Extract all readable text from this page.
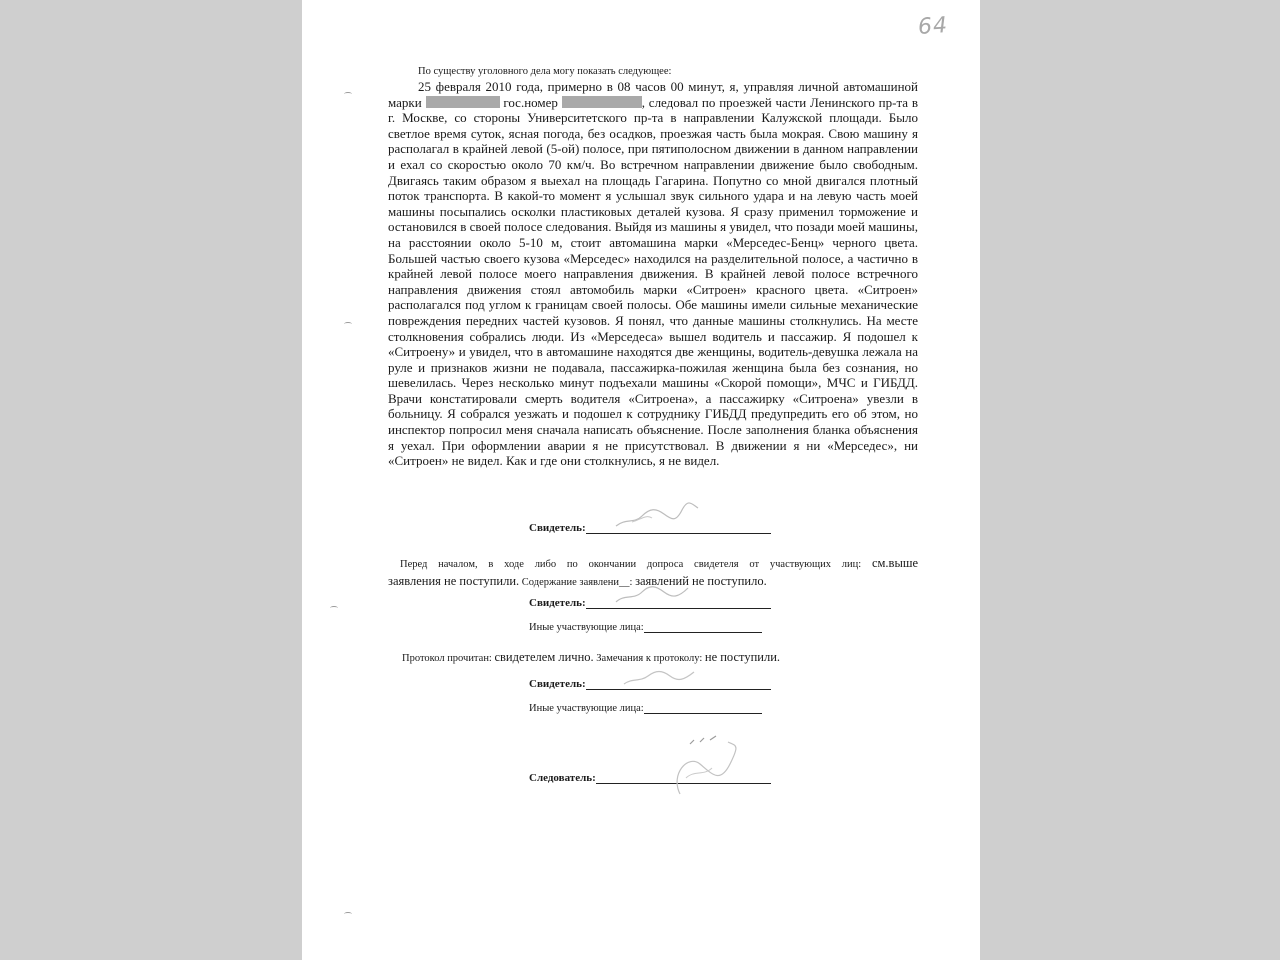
64
По существу уголовного дела могу показать следующее:

25 февраля 2010 года, примерно в 08 часов 00 минут, я, управляя личной автомашиной марки	гос.номер	, следовал по проезжей части Ленинского пр-та в г. Москве, со стороны Университетского пр-та в направлении Калужской площади. Было светлое время суток, ясная погода, без осадков, проезжая часть была мокрая. Свою машину я располагал в крайней левой (5-ой) полосе, при пятиполосном движении в данном направлении и ехал со скоростью около 70 км/ч. Во встречном направлении движение было свободным. Двигаясь таким образом я выехал на площадь Гагарина. Попутно со мной двигался плотный поток транспорта. В какой-то момент я услышал звук сильного удара и на левую часть моей машины посыпались осколки пластиковых деталей кузова. Я сразу применил торможение и остановился в своей полосе следования. Выйдя из машины я увидел, что позади моей машины, на расстоянии около 5-10 м, стоит автомашина марки «Мерседес-Бенц» черного цвета. Большей частью своего кузова «Мерседес» находился на разделительной полосе, а частично в крайней левой полосе моего направления движения. В крайней левой полосе встречного направления движения стоял автомобиль марки «Ситроен» красного цвета. «Ситроен» располагался под углом к границам своей полосы. Обе машины имели сильные механические повреждения передних частей кузовов. Я понял, что данные машины столкнулись. На месте столкновения собрались люди. Из «Мерседеса» вышел водитель и пассажир. Я подошел к «Ситроену» и увидел, что в автомашине находятся две женщины, водитель-девушка лежала на руле и признаков жизни не подавала, пассажирка-пожилая женщина была без сознания, но шевелилась. Через несколько минут подъехали машины «Скорой помощи», МЧС и ГИБДД. Врачи констатировали смерть водителя «Ситроена», а пассажирку «Ситроена» увезли в больницу. Я собрался уезжать и подошел к сотруднику ГИБДД предупредить его об этом, но инспектор попросил меня сначала написать объяснение. После заполнения бланка объяснения я уехал. При оформлении аварии я не присутствовал. В движении я ни «Мерседес», ни «Ситроен» не видел. Как и где они столкнулись, я не видел.

Свидетель:
Перед началом, в ходе либо по окончании допроса свидетеля от участвующих лиц: см.выше
заявления не поступили. Содержание заявлени__: заявлений не поступило.
Свидетель:
Иные участвующие лица:
Протокол прочитан: свидетелем лично. Замечания к протоколу: не поступили.
Свидетель:
Иные участвующие лица:
Следователь:
